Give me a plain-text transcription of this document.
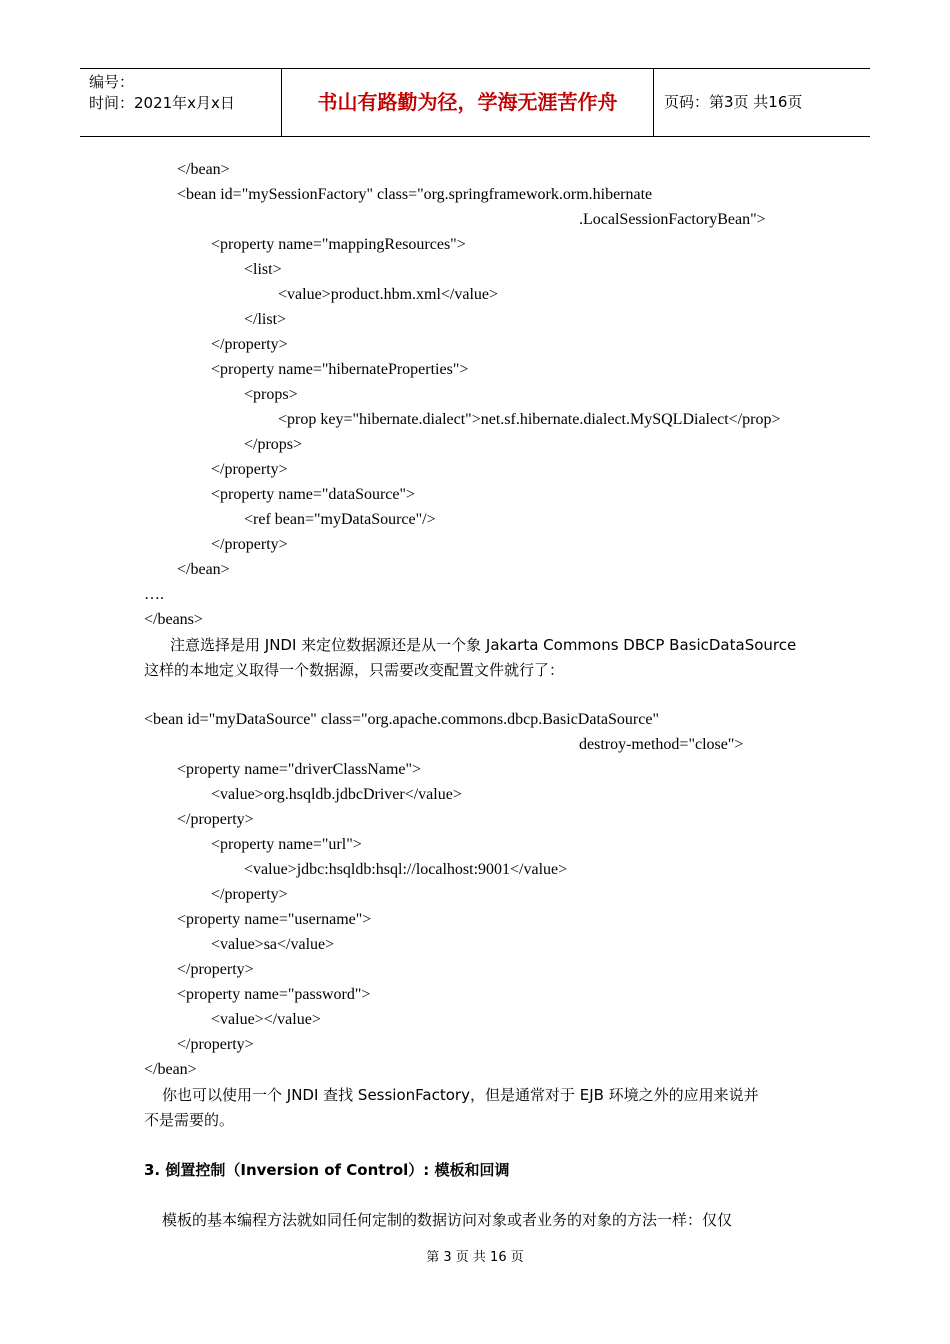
编号：
时间：2021年x月x日	书山有路勤为径，学海无涯苦作舟	页码：第3页 共16页
</bean>
<bean id="mySessionFactory" class="org.springframework.orm.hibernate
.LocalSessionFactoryBean">
<property name="mappingResources">
<list>
<value>product.hbm.xml</value>
</list>
</property>
<property name="hibernateProperties">
<props>
<prop key="hibernate.dialect">net.sf.hibernate.dialect.MySQLDialect</prop>
</props>
</property>
<property name="dataSource">
<ref bean="myDataSource"/>
</property>
</bean>
….
</beans>
注意选择是用 JNDI 来定位数据源还是从一个象 Jakarta Commons DBCP BasicDataSource
这样的本地定义取得一个数据源，只需要改变配置文件就行了：
<bean id="myDataSource" class="org.apache.commons.dbcp.BasicDataSource"
destroy-method="close">
<property name="driverClassName">
<value>org.hsqldb.jdbcDriver</value>
</property>
<property name="url">
<value>jdbc:hsqldb:hsql://localhost:9001</value>
</property>
<property name="username">
<value>sa</value>
</property>
<property name="password">
<value></value>
</property>
</bean>
你也可以使用一个 JNDI 查找 SessionFactory，但是通常对于 EJB 环境之外的应用来说并
不是需要的。
3. 倒置控制（Inversion of Control）: 模板和回调
模板的基本编程方法就如同任何定制的数据访问对象或者业务的对象的方法一样：仅仅
第 3 页 共 16 页
